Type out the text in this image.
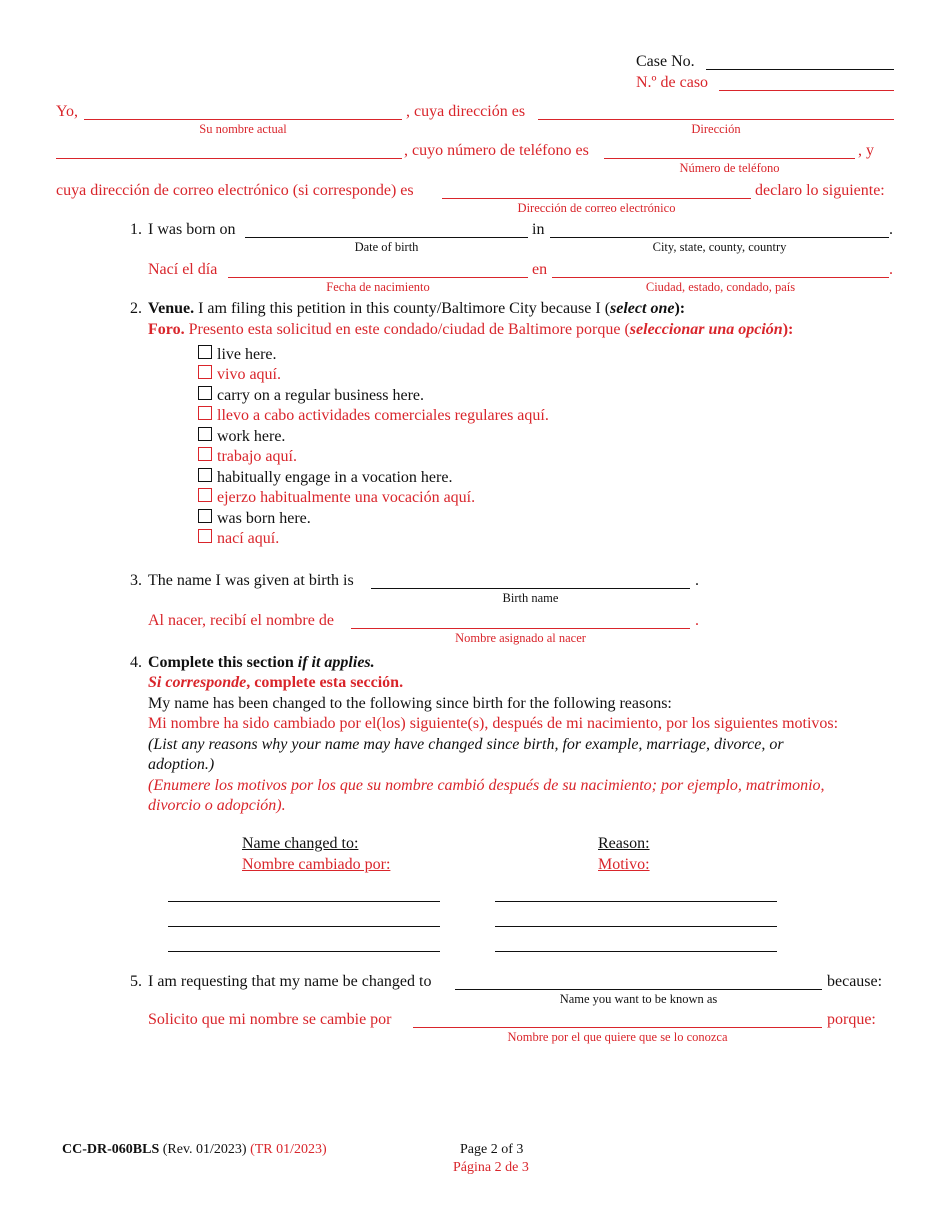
Case No.
N.º de caso
Yo,	, cuya dirección es
Su nombre actual	Dirección
, cuyo número de teléfono es	, y
Número de teléfono
cuya dirección de correo electrónico (si corresponde) es	declaro lo siguiente:
Dirección de correo electrónico
1. I was born on	in	.
Date of birth	City, state, county, country
Nací el día	en	.
Fecha de nacimiento	Ciudad, estado, condado, país
2. Venue. I am filing this petition in this county/Baltimore City because I (select one):
Foro. Presento esta solicitud en este condado/ciudad de Baltimore porque (seleccionar una opción):
live here.
vivo aquí.
carry on a regular business here.
llevo a cabo actividades comerciales regulares aquí.
work here.
trabajo aquí.
habitually engage in a vocation here.
ejerzo habitualmente una vocación aquí.
was born here.
nací aquí.
3. The name I was given at birth is	.
Birth name
Al nacer, recibí el nombre de	.
Nombre asignado al nacer
4. Complete this section if it applies.
Si corresponde, complete esta sección.
My name has been changed to the following since birth for the following reasons:
Mi nombre ha sido cambiado por el(los) siguiente(s), después de mi nacimiento, por los siguientes motivos:
(List any reasons why your name may have changed since birth, for example, marriage, divorce, or
adoption.)
(Enumere los motivos por los que su nombre cambió después de su nacimiento; por ejemplo, matrimonio,
divorcio o adopción).
Name changed to:
Nombre cambiado por:
Reason:
Motivo:
5. I am requesting that my name be changed to	because:
Name you want to be known as
Solicito que mi nombre se cambie por	porque:
Nombre por el que quiere que se lo conozca
CC-DR-060BLS (Rev. 01/2023) (TR 01/2023)	Page 2 of 3
Página 2 de 3
